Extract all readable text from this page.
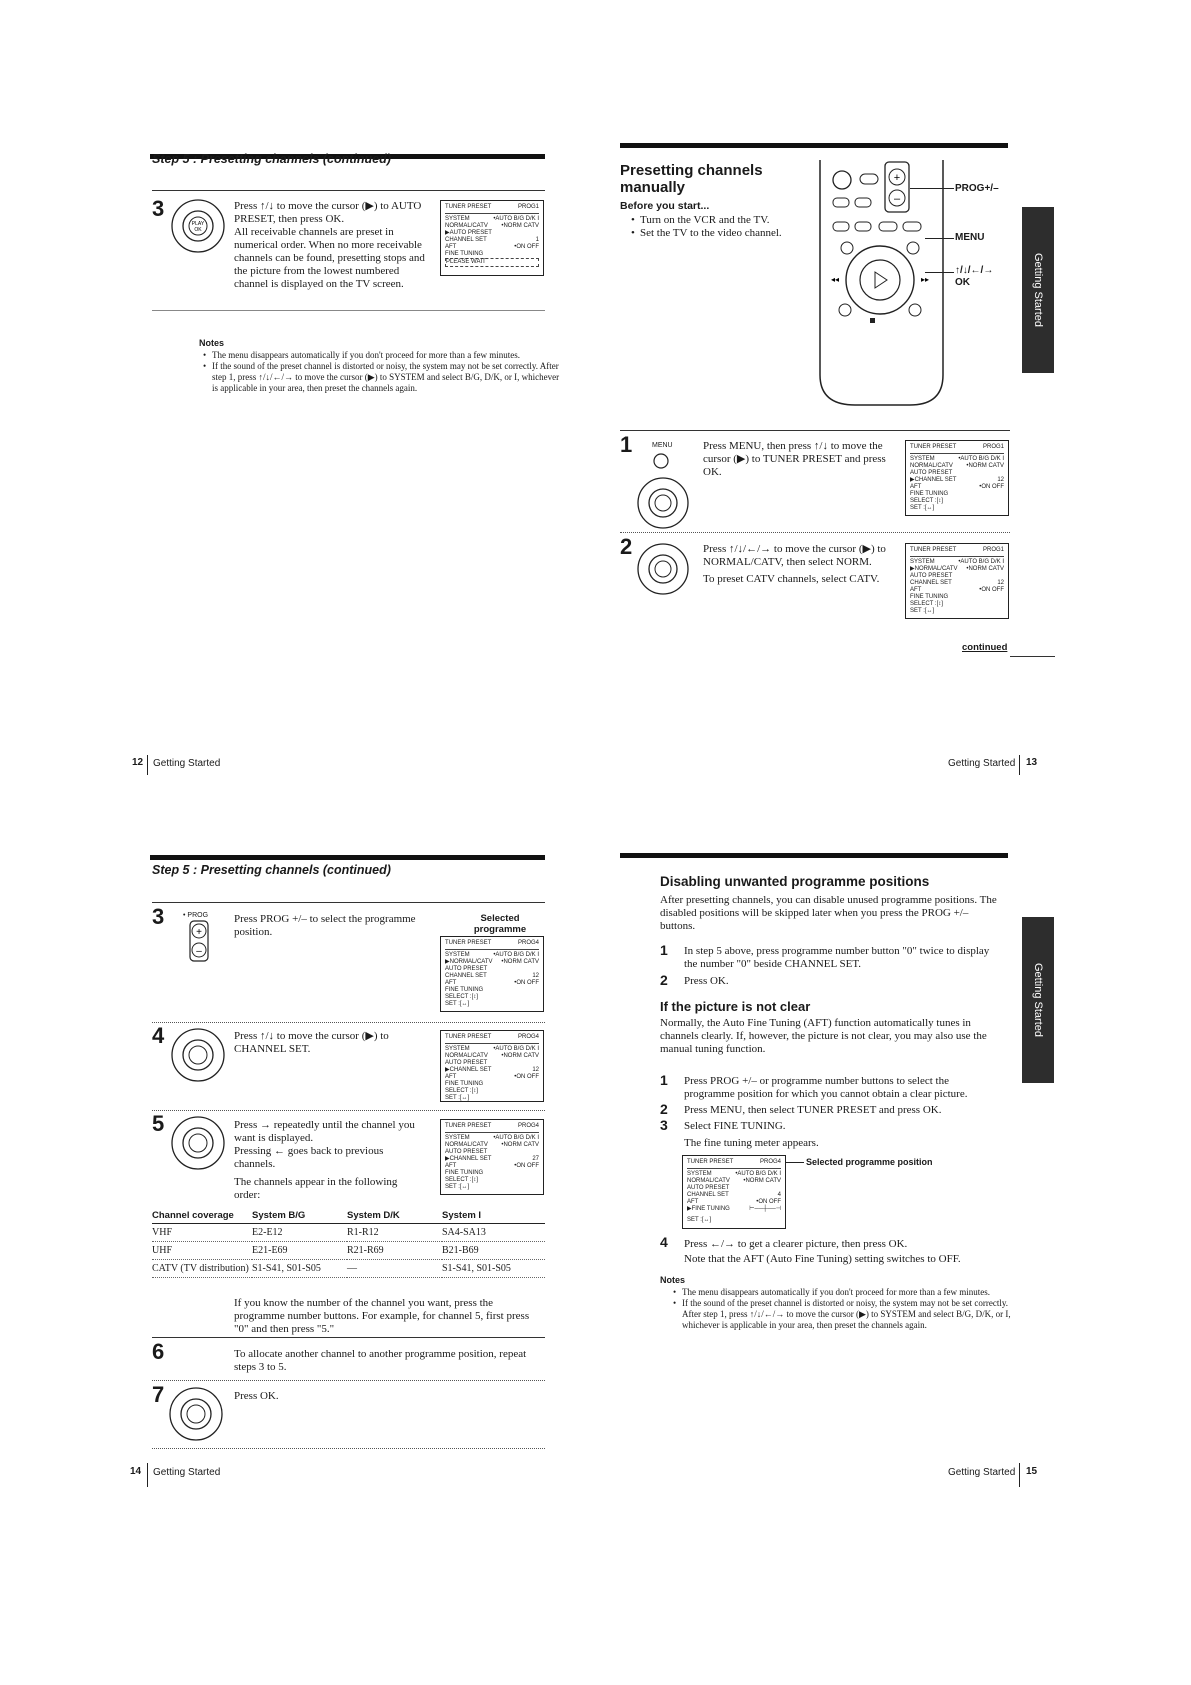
Step 5 : Presetting channels (continued)
3
PLAY
OK
Press ↑/↓ to move the cursor (▶) to AUTO PRESET, then press OK.
All receivable channels are preset in numerical order. When no more receivable channels can be found, presetting stops and the picture from the lowest numbered channel is displayed on the TV screen.
TUNER PRESET	PROG1
SYSTEM	•AUTO B/G D/K I
NORMAL/CATV •NORM CATV
▶AUTO PRESET
CHANNEL SET	1
AFT	•ON OFF
FINE TUNING
PLEASE WAIT
Notes
• The menu disappears automatically if you don't proceed for more than a few minutes.
• If the sound of the preset channel is distorted or noisy, the system may not be set correctly. After step 1, press ↑/↓/←/→ to move the cursor (▶) to SYSTEM and select B/G, D/K, or I, whichever is applicable in your area, then preset the channels again.
12 Getting Started
Presetting channels
manually
Before you start...
• Turn on the VCR and the TV.
• Set the TV to the video channel.
+
–
◂◂	▸▸
PROG+/–
MENU
↑/↓/←/→
OK	Getting Started
1	MENU	Press MENU, then press ↑/↓ to move the cursor (▶) to TUNER PRESET and press OK.
TUNER PRESET	PROG1
SYSTEM	•AUTO B/G D/K I
NORMAL/CATV •NORM CATV
AUTO PRESET
▶CHANNEL SET	12
AFT	•ON OFF
FINE TUNING
SELECT :[↕]
SET :[↔]
2	Press ↑/↓/←/→ to move the cursor (▶) to NORMAL/CATV, then select NORM.
To preset CATV channels, select CATV.
TUNER PRESET	PROG1
SYSTEM	•AUTO B/G D/K I
▶NORMAL/CATV •NORM CATV
AUTO PRESET
CHANNEL SET	12
AFT	•ON OFF
FINE TUNING
SELECT :[↕]
SET :[↔]
continued
Getting Started 13
Step 5 : Presetting channels (continued)
3	• PROG
+
–
Press PROG +/– to select the programme position.
Selected programme
TUNER PRESET	PROG4
SYSTEM	•AUTO B/G D/K I
▶NORMAL/CATV •NORM CATV
AUTO PRESET
CHANNEL SET	12
AFT	•ON OFF
FINE TUNING
SELECT :[↕]
SET :[↔]
4	Press ↑/↓ to move the cursor (▶) to CHANNEL SET.
TUNER PRESET	PROG4
SYSTEM	•AUTO B/G D/K I
NORMAL/CATV •NORM CATV
AUTO PRESET
▶CHANNEL SET	12
AFT	•ON OFF
FINE TUNING
SELECT :[↕]
SET :[↔]
5	Press → repeatedly until the channel you want is displayed.
Pressing ← goes back to previous channels.
The channels appear in the following order:
TUNER PRESET	PROG4
SYSTEM	•AUTO B/G D/K I
NORMAL/CATV •NORM CATV
AUTO PRESET
▶CHANNEL SET	27
AFT	•ON OFF
FINE TUNING
SELECT :[↕]
SET :[↔]
Channel coverage	System B/G	System D/K	System I
VHF	E2-E12	R1-R12	SA4-SA13
UHF	E21-E69	R21-R69	B21-B69
CATV (TV distribution)	S1-S41, S01-S05	—	S1-S41, S01-S05
If you know the number of the channel you want, press the programme number buttons. For example, for channel 5, first press "0" and then press "5."
6	To allocate another channel to another programme position, repeat steps 3 to 5.
7	Press OK.
14 Getting Started
Disabling unwanted programme positions
After presetting channels, you can disable unused programme positions. The disabled positions will be skipped later when you press the PROG +/– buttons.
1 In step 5 above, press programme number button "0" twice to display the number "0" beside CHANNEL SET.
2 Press OK.
If the picture is not clear
Normally, the Auto Fine Tuning (AFT) function automatically tunes in channels clearly. If, however, the picture is not clear, you may also use the manual tuning function.
1 Press PROG +/– or programme number buttons to select the programme position for which you cannot obtain a clear picture.
2 Press MENU, then select TUNER PRESET and press OK.
3 Select FINE TUNING.
The fine tuning meter appears.
TUNER PRESET	PROG4
SYSTEM	•AUTO B/G D/K I
NORMAL/CATV •NORM CATV
AUTO PRESET
CHANNEL SET	4
AFT	•ON OFF
▶FINE TUNING	⊢──┼──⊣
SET :[↔]
Selected programme position
4 Press ←/→ to get a clearer picture, then press OK.
Note that the AFT (Auto Fine Tuning) setting switches to OFF.
Notes
• The menu disappears automatically if you don't proceed for more than a few minutes.
• If the sound of the preset channel is distorted or noisy, the system may not be set correctly. After step 1, press ↑/↓/←/→ to move the cursor (▶) to SYSTEM and select B/G, D/K, or I, whichever is applicable in your area, then preset the channels again.
Getting Started
Getting Started 15
